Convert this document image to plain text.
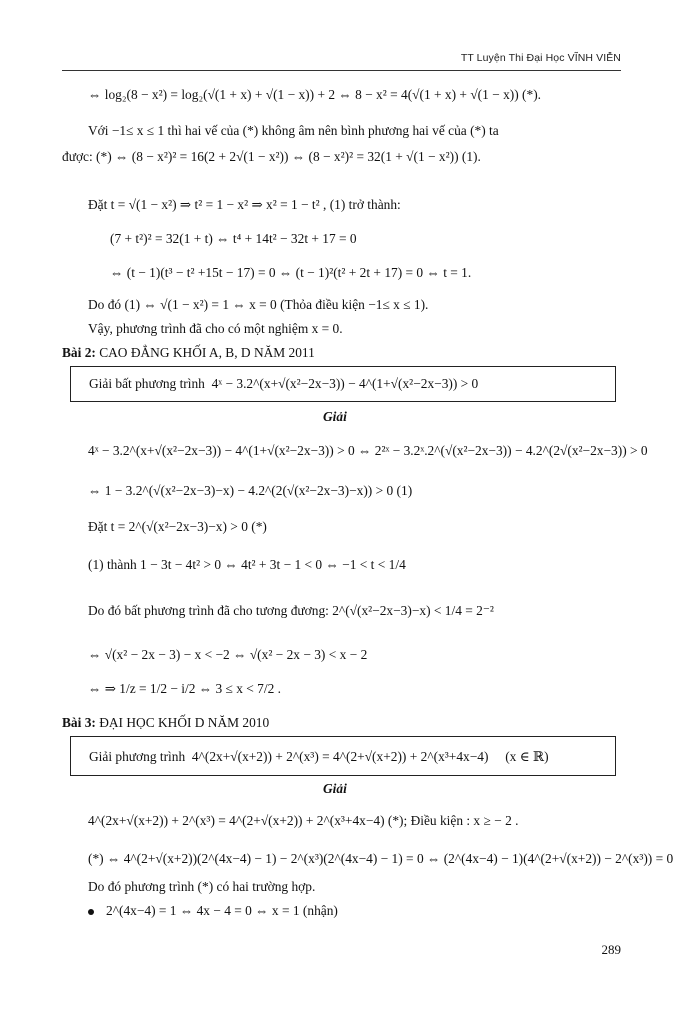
TT Luyện Thi Đại Học VĨNH VIỄN
⇔ log₂(8 − x²) = log₂(√(1 + x) + √(1 − x)) + 2 ⇔ 8 − x² = 4(√(1 + x) + √(1 − x)) (*).
Với −1≤ x ≤ 1 thì hai vế của (*) không âm nên bình phương hai vế của (*) ta
được: (*) ⇔ (8 − x²)² = 16(2 + 2√(1 − x²)) ⇔ (8 − x²)² = 32(1 + √(1 − x²)) (1).
Đặt t = √(1 − x²) ⇒ t² = 1 − x² ⇒ x² = 1 − t² , (1) trở thành:
(7 + t²)² = 32(1 + t) ⇔ t⁴ + 14t² − 32t + 17 = 0
⇔ (t − 1)(t³ − t² +15t − 17) = 0 ⇔ (t − 1)²(t² + 2t + 17) = 0 ⇔ t = 1.
Do đó (1) ⇔ √(1 − x²) = 1 ⇔ x = 0 (Thỏa điều kiện −1≤ x ≤ 1).
Vậy, phương trình đã cho có một nghiệm x = 0.
Bài 2: CAO ĐẲNG KHỐI A, B, D NĂM 2011
Giải bất phương trình 4ˣ − 3.2^(x+√(x²−2x−3)) − 4^(1+√(x²−2x−3)) > 0
Giải
4ˣ − 3.2^(x+√(x²−2x−3)) − 4^(1+√(x²−2x−3)) > 0 ⇔ 2²ˣ − 3.2ˣ.2^(√(x²−2x−3)) − 4.2^(2√(x²−2x−3)) > 0
⇔ 1 − 3.2^(√(x²−2x−3)−x) − 4.2^(2(√(x²−2x−3)−x)) > 0 (1)
Đặt t = 2^(√(x²−2x−3)−x) > 0 (*)
(1) thành 1 − 3t − 4t² > 0 ⇔ 4t² + 3t − 1 < 0 ⇔ −1 < t < 1/4
Do đó bất phương trình đã cho tương đương: 2^(√(x²−2x−3)−x) < 1/4 = 2⁻²
⇔ √(x² − 2x − 3) − x < −2 ⇔ √(x² − 2x − 3) < x − 2
⇔ ⇒ 1/z = 1/2 − i/2 ⇔ 3 ≤ x < 7/2 .
Bài 3: ĐẠI HỌC KHỐI D NĂM 2010
Giải phương trình 4^(2x+√(x+2)) + 2^(x³) = 4^(2+√(x+2)) + 2^(x³+4x−4) (x ∈ ℝ)
Giải
4^(2x+√(x+2)) + 2^(x³) = 4^(2+√(x+2)) + 2^(x³+4x−4) (*); Điều kiện : x ≥ − 2 .
(*) ⇔ 4^(2+√(x+2))(2^(4x−4) − 1) − 2^(x³)(2^(4x−4) − 1) = 0 ⇔ (2^(4x−4) − 1)(4^(2+√(x+2)) − 2^(x³)) = 0
Do đó phương trình (*) có hai trường hợp.
2^(4x−4) = 1 ⇔ 4x − 4 = 0 ⇔ x = 1 (nhận)
289
